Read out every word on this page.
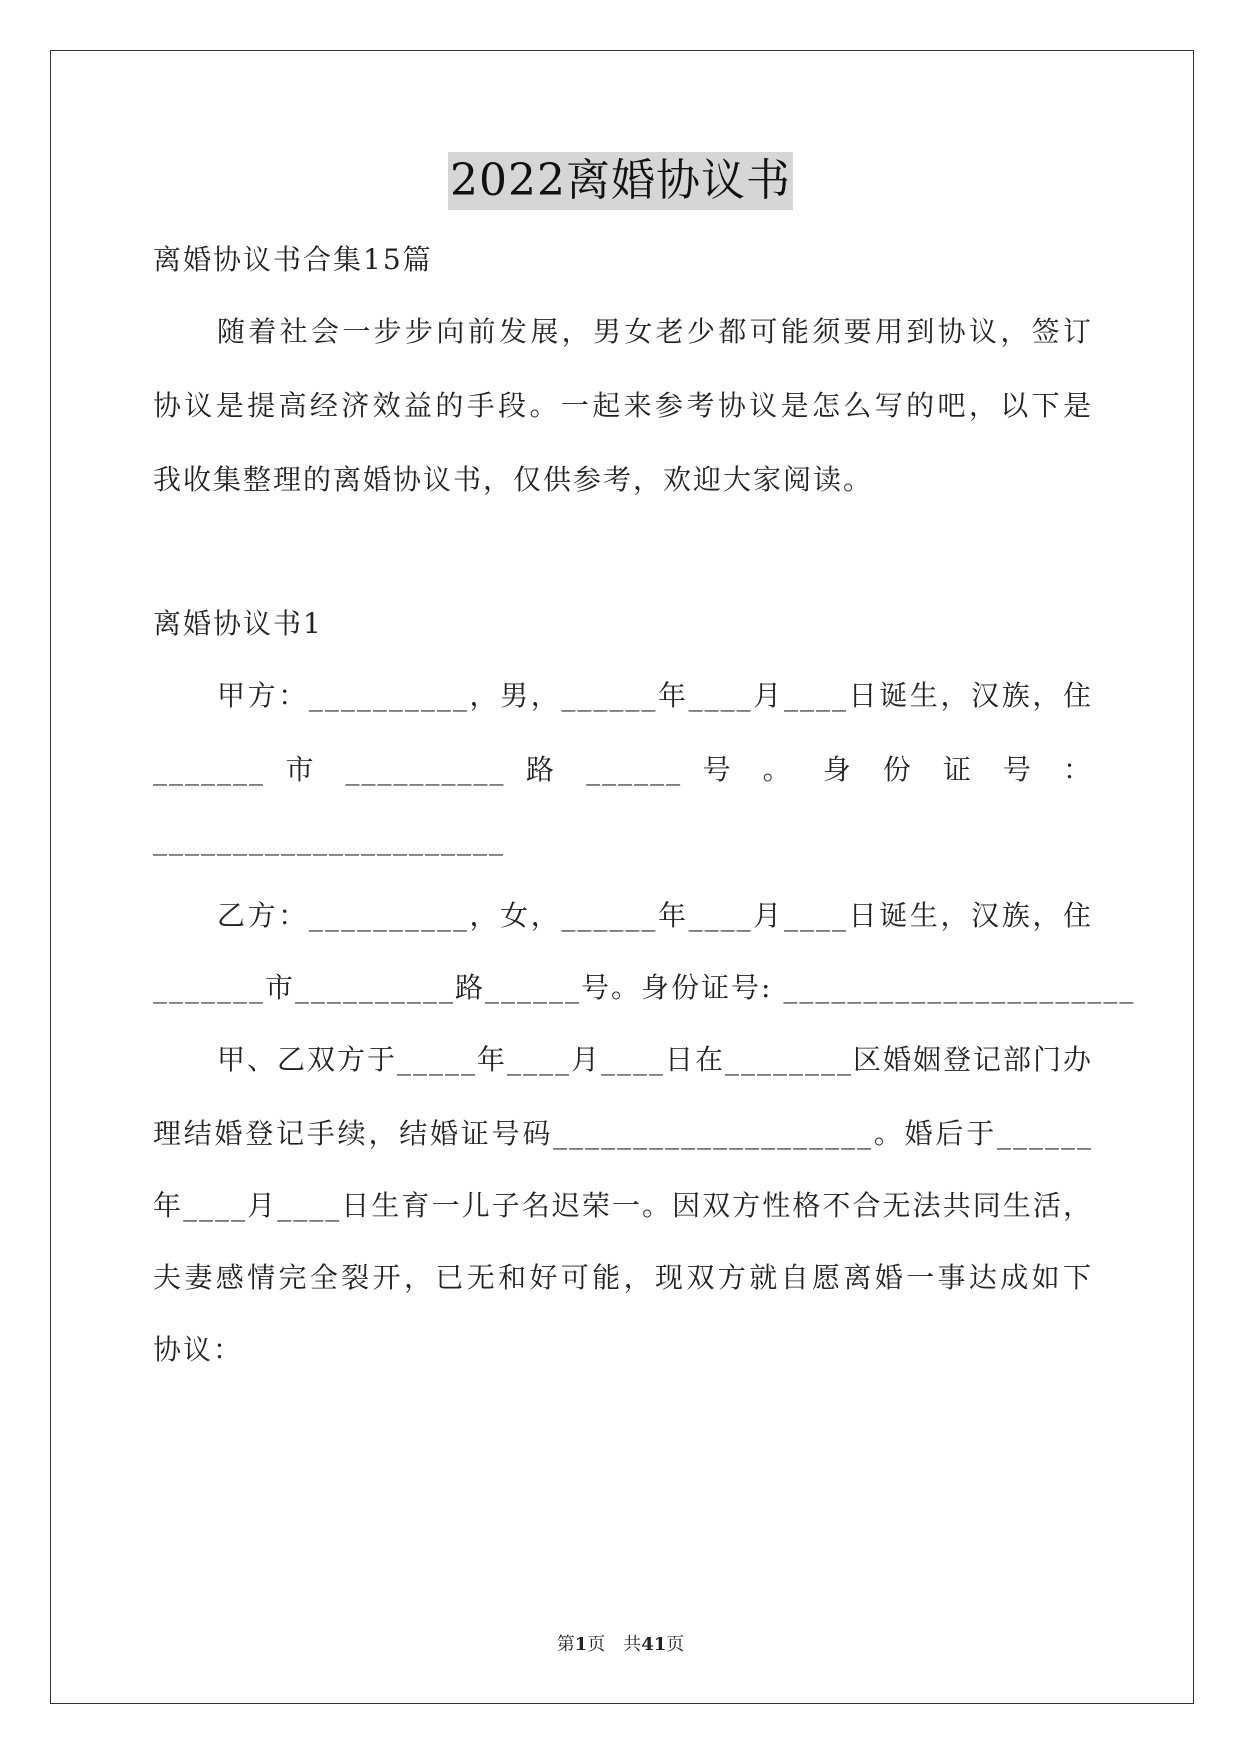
2022离婚协议书
离婚协议书合集15篇
随着社会一步步向前发展，男女老少都可能须要用到协议，签订
协议是提高经济效益的手段。一起来参考协议是怎么写的吧，以下是
我收集整理的离婚协议书，仅供参考，欢迎大家阅读。
离婚协议书1
甲方：__________，男，______年____月____日诞生，汉族，住
_______ 市 __________ 路 ______ 号 。 身 份 证 号 ：
______________________
乙方：__________，女，______年____月____日诞生，汉族，住
_______市__________路______号。身份证号: ______________________
甲、乙双方于_____年____月____日在________区婚姻登记部门办
理结婚登记手续，结婚证号码____________________。婚后于______
年____月____日生育一儿子名迟荣一。因双方性格不合无法共同生活，
夫妻感情完全裂开，已无和好可能，现双方就自愿离婚一事达成如下
协议：
第1页 共41页
